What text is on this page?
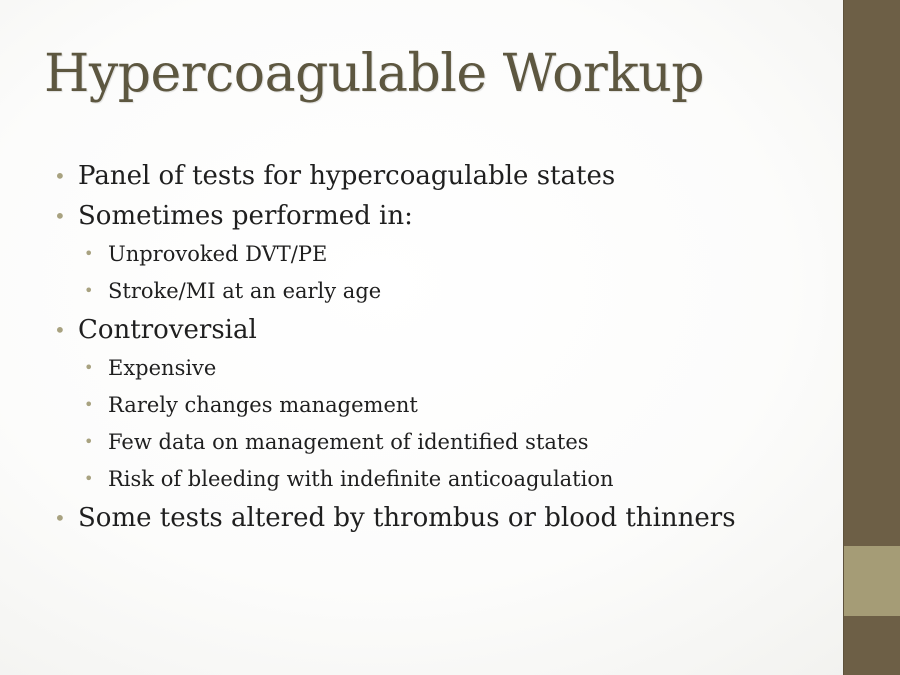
Hypercoagulable Workup
• Panel of tests for hypercoagulable states
• Sometimes performed in:
• Unprovoked DVT/PE
• Stroke/MI at an early age
• Controversial
• Expensive
• Rarely changes management
• Few data on management of identified states
• Risk of bleeding with indefinite anticoagulation
• Some tests altered by thrombus or blood thinners
